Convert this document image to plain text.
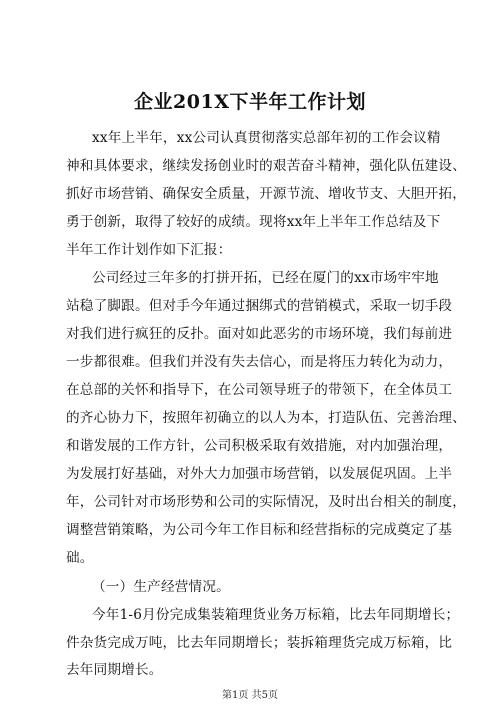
企业201X下半年工作计划
xx年上半年，xx公司认真贯彻落实总部年初的工作会议精
神和具体要求，继续发扬创业时的艰苦奋斗精神，强化队伍建设、
抓好市场营销、确保安全质量，开源节流、增收节支、大胆开拓，
勇于创新，取得了较好的成绩。现将xx年上半年工作总结及下
半年工作计划作如下汇报：
公司经过三年多的打拼开拓，已经在厦门的xx市场牢牢地
站稳了脚跟。但对手今年通过捆绑式的营销模式，采取一切手段
对我们进行疯狂的反扑。面对如此恶劣的市场环境，我们每前进
一步都很难。但我们并没有失去信心，而是将压力转化为动力，
在总部的关怀和指导下，在公司领导班子的带领下，在全体员工
的齐心协力下，按照年初确立的以人为本，打造队伍、完善治理、
和谐发展的工作方针，公司积极采取有效措施，对内加强治理，
为发展打好基础，对外大力加强市场营销，以发展促巩固。上半
年，公司针对市场形势和公司的实际情况，及时出台相关的制度，
调整营销策略，为公司今年工作目标和经营指标的完成奠定了基
础。
（一）生产经营情况。
今年1-6月份完成集装箱理货业务万标箱，比去年同期增长；
件杂货完成万吨，比去年同期增长；装拆箱理货完成万标箱，比
去年同期增长。
第1页 共5页
